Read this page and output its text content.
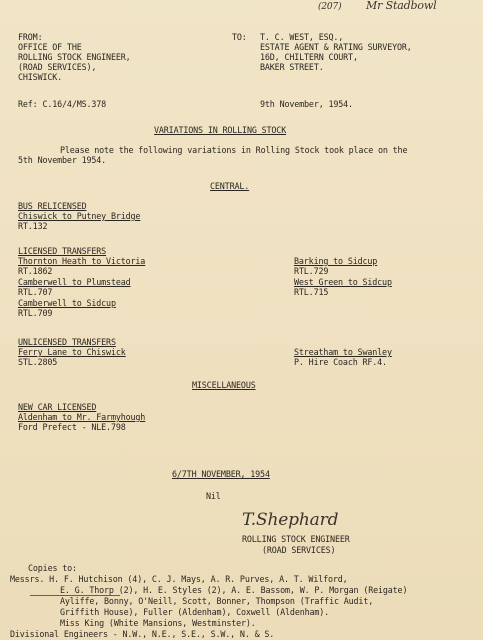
(207) Mr Stadbowl
FROM:
OFFICE OF THE
ROLLING STOCK ENGINEER,
(ROAD SERVICES),
CHISWICK.
TO: T. C. WEST, ESQ.,
ESTATE AGENT & RATING SURVEYOR,
16D, CHILTERN COURT,
BAKER STREET.
Ref: C.16/4/MS.378	9th November, 1954.
VARIATIONS IN ROLLING STOCK
Please note the following variations in Rolling Stock took place on the
5th November 1954.
CENTRAL.
BUS RELICENSED
Chiswick to Putney Bridge
RT.132
LICENSED TRANSFERS
Thornton Heath to Victoria
RT.1862
Camberwell to Plumstead
RTL.707
Camberwell to Sidcup
RTL.709
Barking to Sidcup
RTL.729
West Green to Sidcup
RTL.715
UNLICENSED TRANSFERS
Ferry Lane to Chiswick
STL.2805
Streatham to Swanley
P. Hire Coach RF.4.
MISCELLANEOUS
NEW CAR LICENSED
Aldenham to Mr. Farmyhough
Ford Prefect - NLE.798
6/7TH NOVEMBER, 1954
Nil
T.Shephard
ROLLING STOCK ENGINEER
(ROAD SERVICES)
Copies to:
Messrs. H. F. Hutchison (4), C. J. Mays, A. R. Purves, A. T. Wilford,
E. G. Thorp (2), H. E. Styles (2), A. E. Bassom, W. P. Morgan (Reigate)
Ayliffe, Bonny, O'Neill, Scott, Bonner, Thompson (Traffic Audit,
Griffith House), Fuller (Aldenham), Coxwell (Aldenham).
Miss King (White Mansions, Westminster).
Divisional Engineers - N.W., N.E., S.E., S.W., N. & S.
